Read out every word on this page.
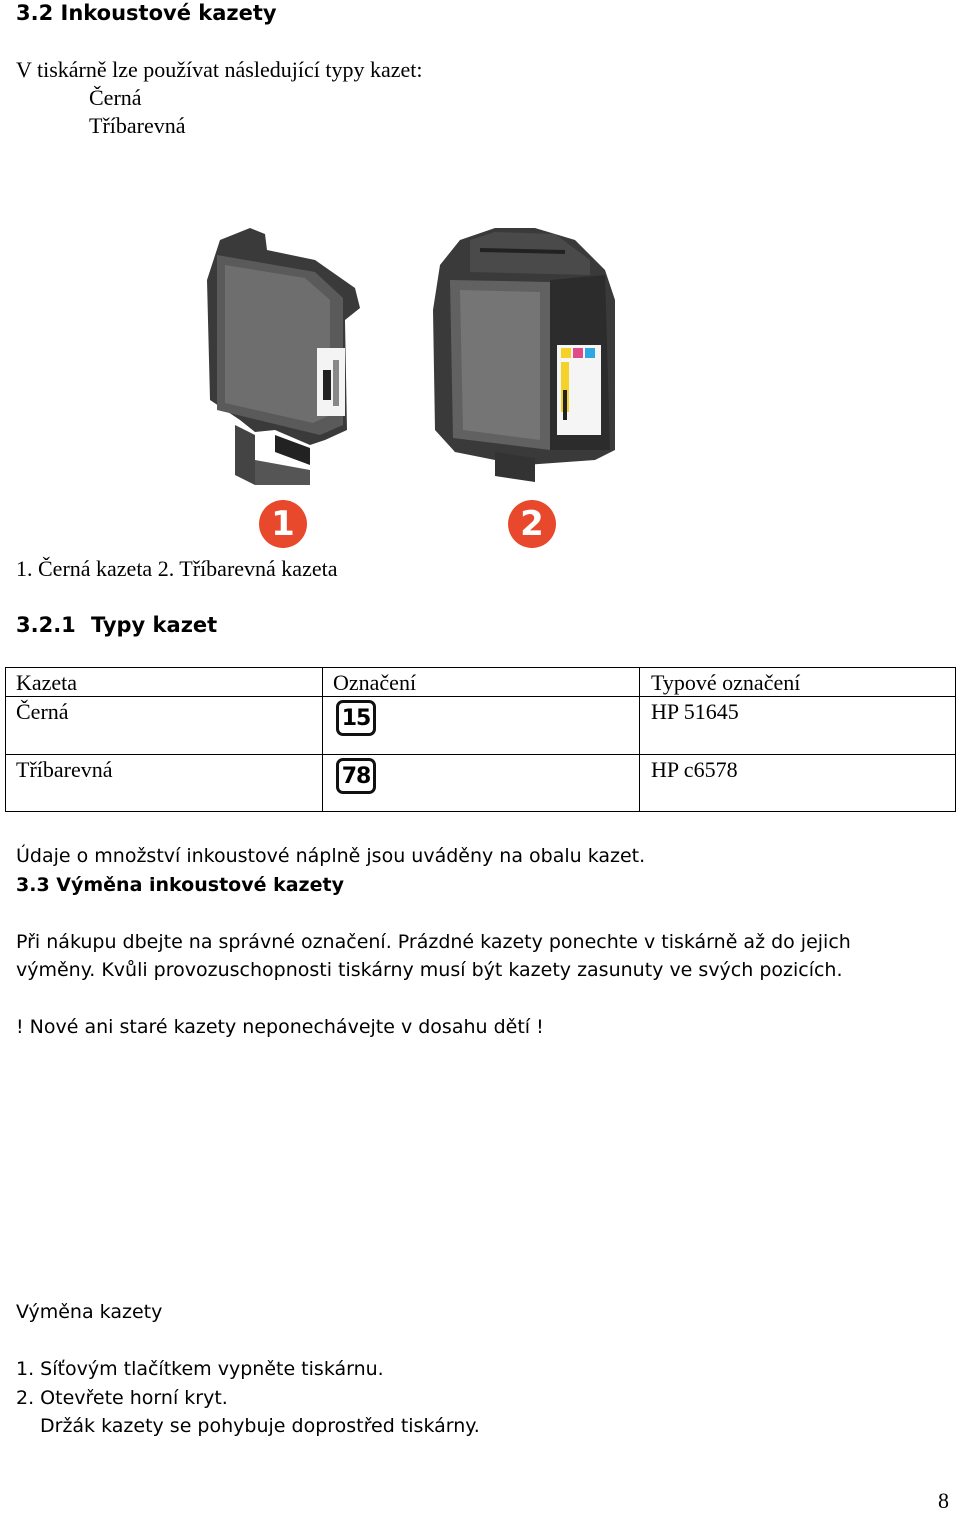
3.2 Inkoustové kazety
V tiskárně lze používat následující typy kazet:
Černá
Tříbarevná
1	2
1. Černá kazeta 2. Tříbarevná kazeta
3.2.1 Typy kazet
Kazeta	Označení	Typové označení
Černá	15	HP 51645
Tříbarevná	78	HP c6578
Údaje o množství inkoustové náplně jsou uváděny na obalu kazet.
3.3 Výměna inkoustové kazety
Při nákupu dbejte na správné označení. Prázdné kazety ponechte v tiskárně až do jejich
výměny. Kvůli provozuschopnosti tiskárny musí být kazety zasunuty ve svých pozicích.
! Nové ani staré kazety neponechávejte v dosahu dětí !
Výměna kazety
1. Síťovým tlačítkem vypněte tiskárnu.
2. Otevřete horní kryt.
Držák kazety se pohybuje doprostřed tiskárny.
8
